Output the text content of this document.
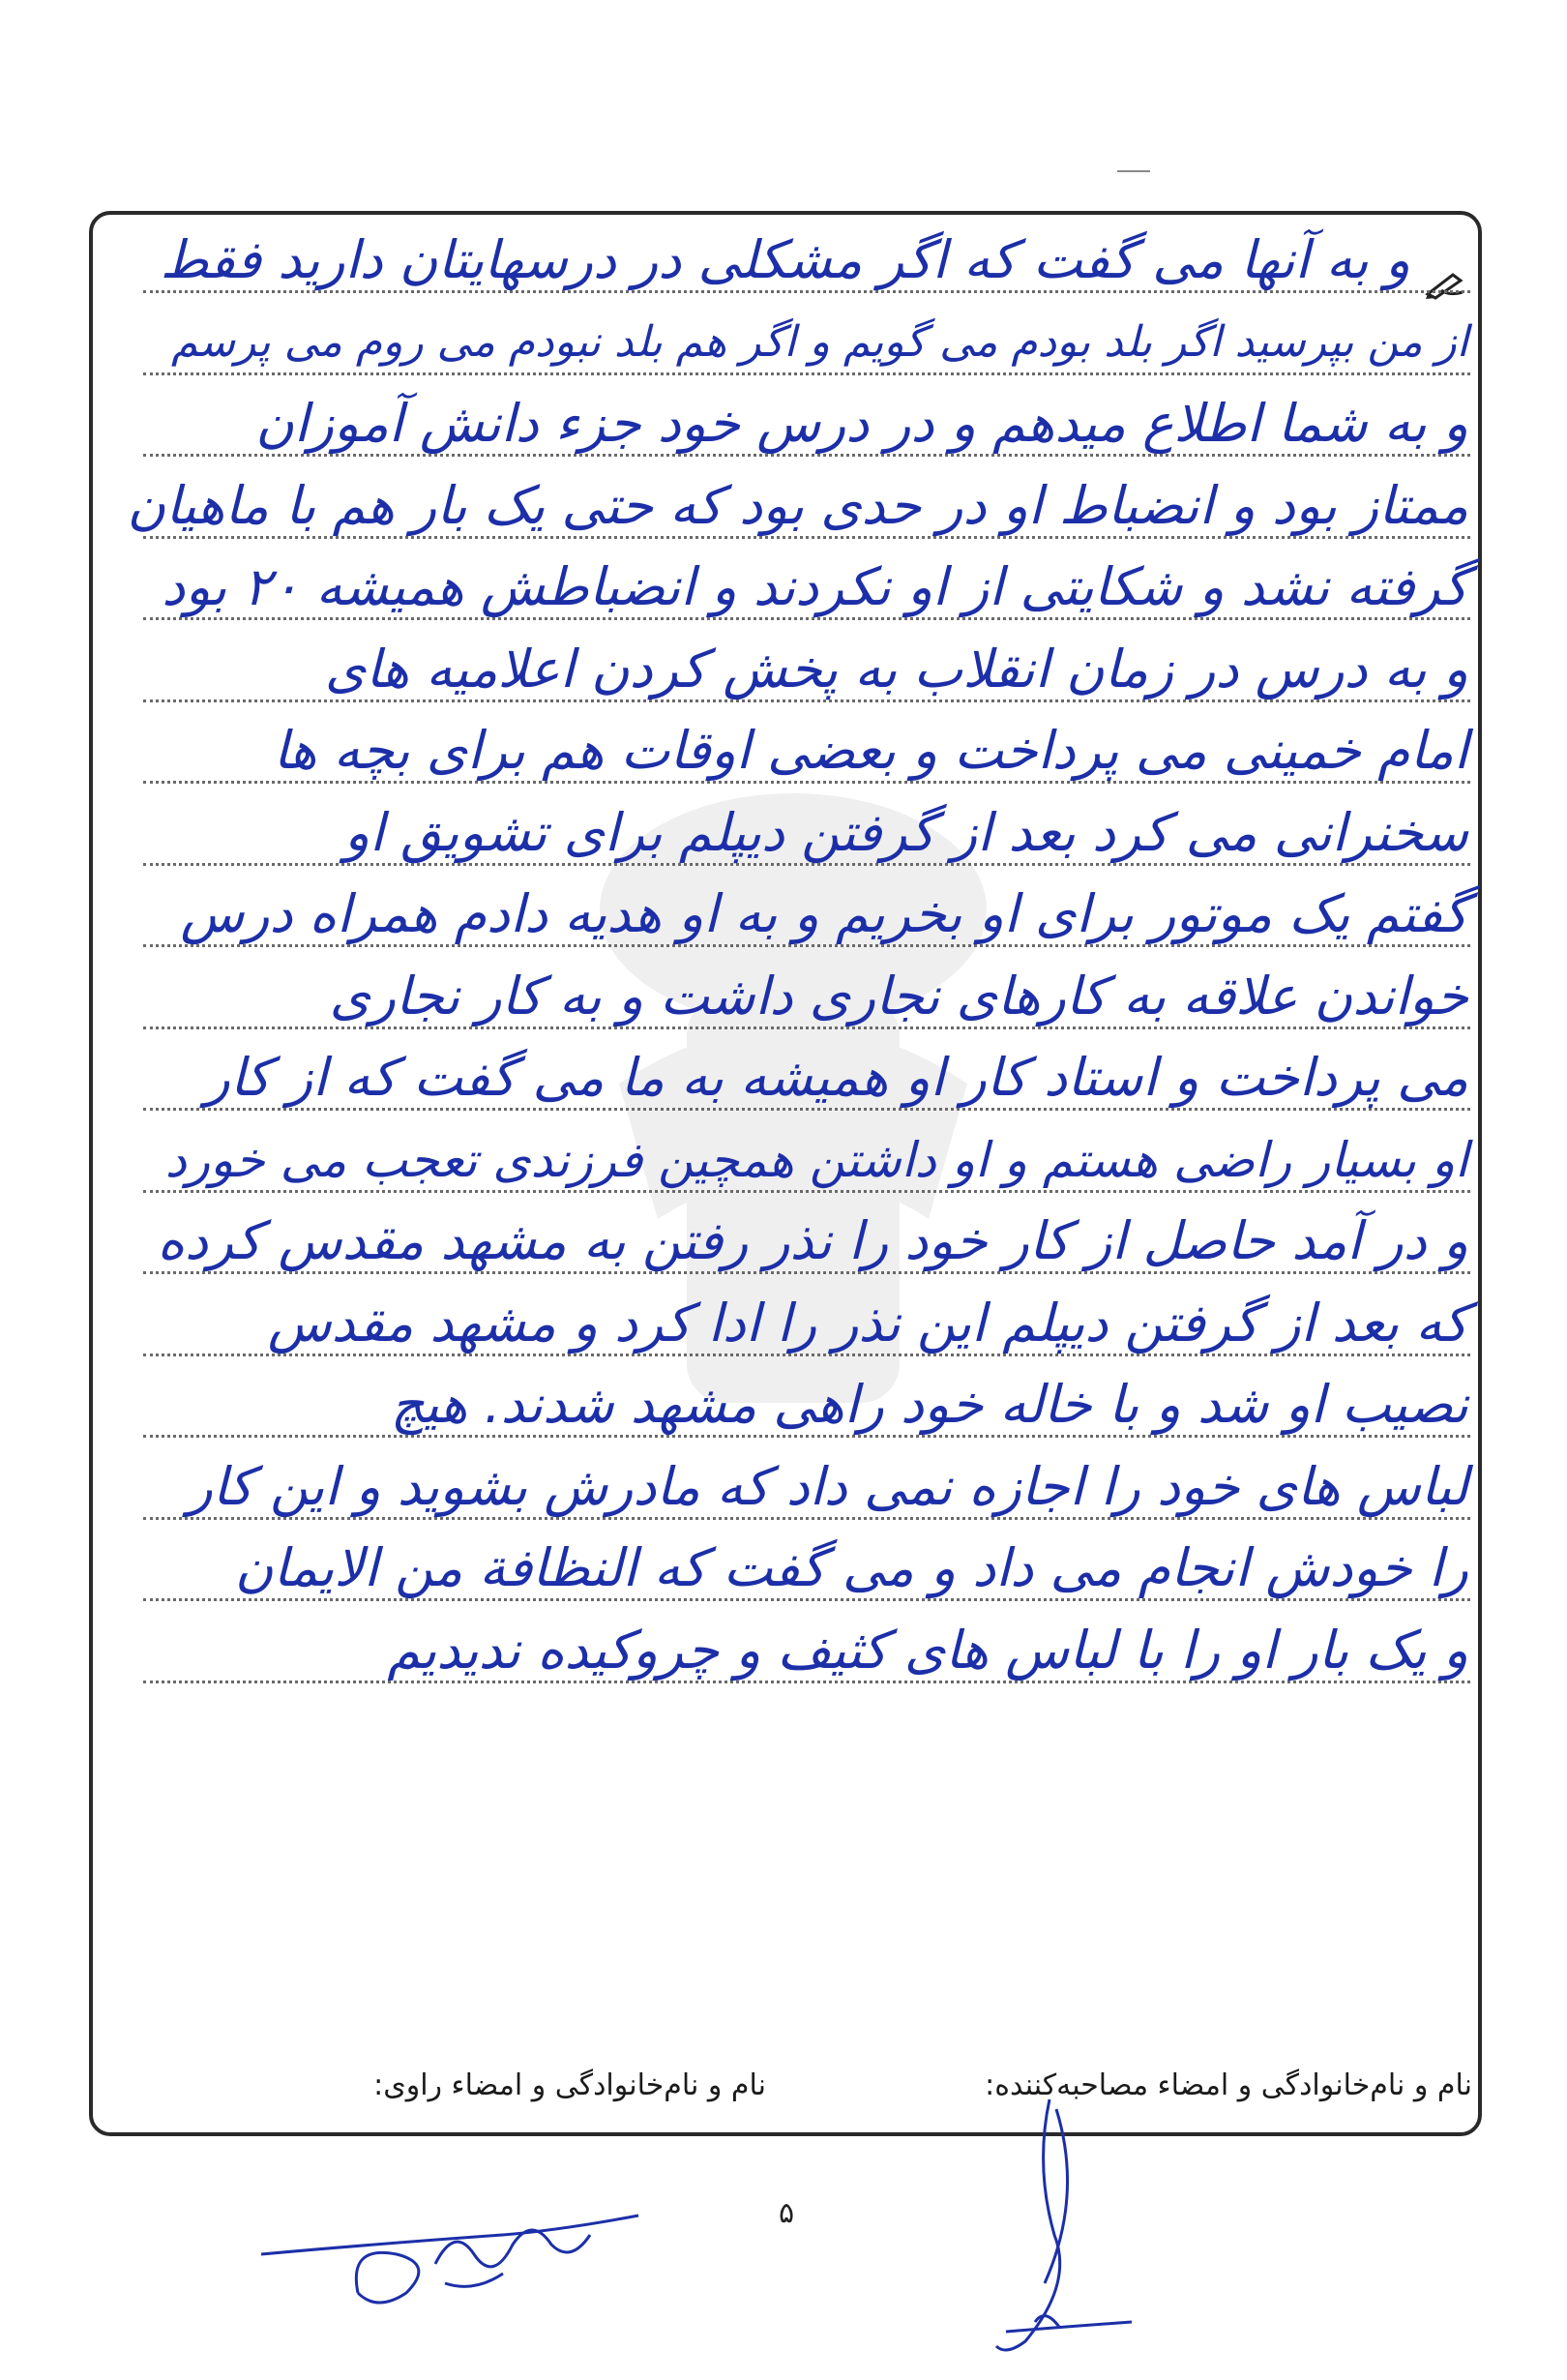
و به آنها می گفت که اگر مشکلی در درسهایتان دارید فقط
از من بپرسید اگر بلد بودم می گویم و اگر هم بلد نبودم می روم می پرسم
و به شما اطلاع میدهم و در درس خود جزء دانش آموزان
ممتاز بود و انضباط او در حدی بود که حتی یک بار هم با ماهیان
گرفته نشد و شکایتی از او نکردند و انضباطش همیشه ۲۰ بود
و به درس در زمان انقلاب به پخش کردن اعلامیه های
امام خمینی می پرداخت و بعضی اوقات هم برای بچه ها
سخنرانی می کرد بعد از گرفتن دیپلم برای تشویق او
گفتم یک موتور برای او بخریم و به او هدیه دادم همراه درس
خواندن علاقه به کارهای نجاری داشت و به کار نجاری
می پرداخت و استاد کار او همیشه به ما می گفت که از کار
او بسیار راضی هستم و او داشتن همچین فرزندی تعجب می خورد
و در آمد حاصل از کار خود را نذر رفتن به مشهد مقدس کرده
که بعد از گرفتن دیپلم این نذر را ادا کرد و مشهد مقدس
نصیب او شد و با خاله خود راهی مشهد شدند. هیچ
لباس های خود را اجازه نمی داد که مادرش بشوید و این کار
را خودش انجام می داد و می گفت که النظافة من الایمان
و یک بار او را با لباس های کثیف و چروکیده ندیدیم
نام و نام‌خانوادگی و امضاء مصاحبه‌کننده:
نام و نام‌خانوادگی و امضاء راوی:
۵
